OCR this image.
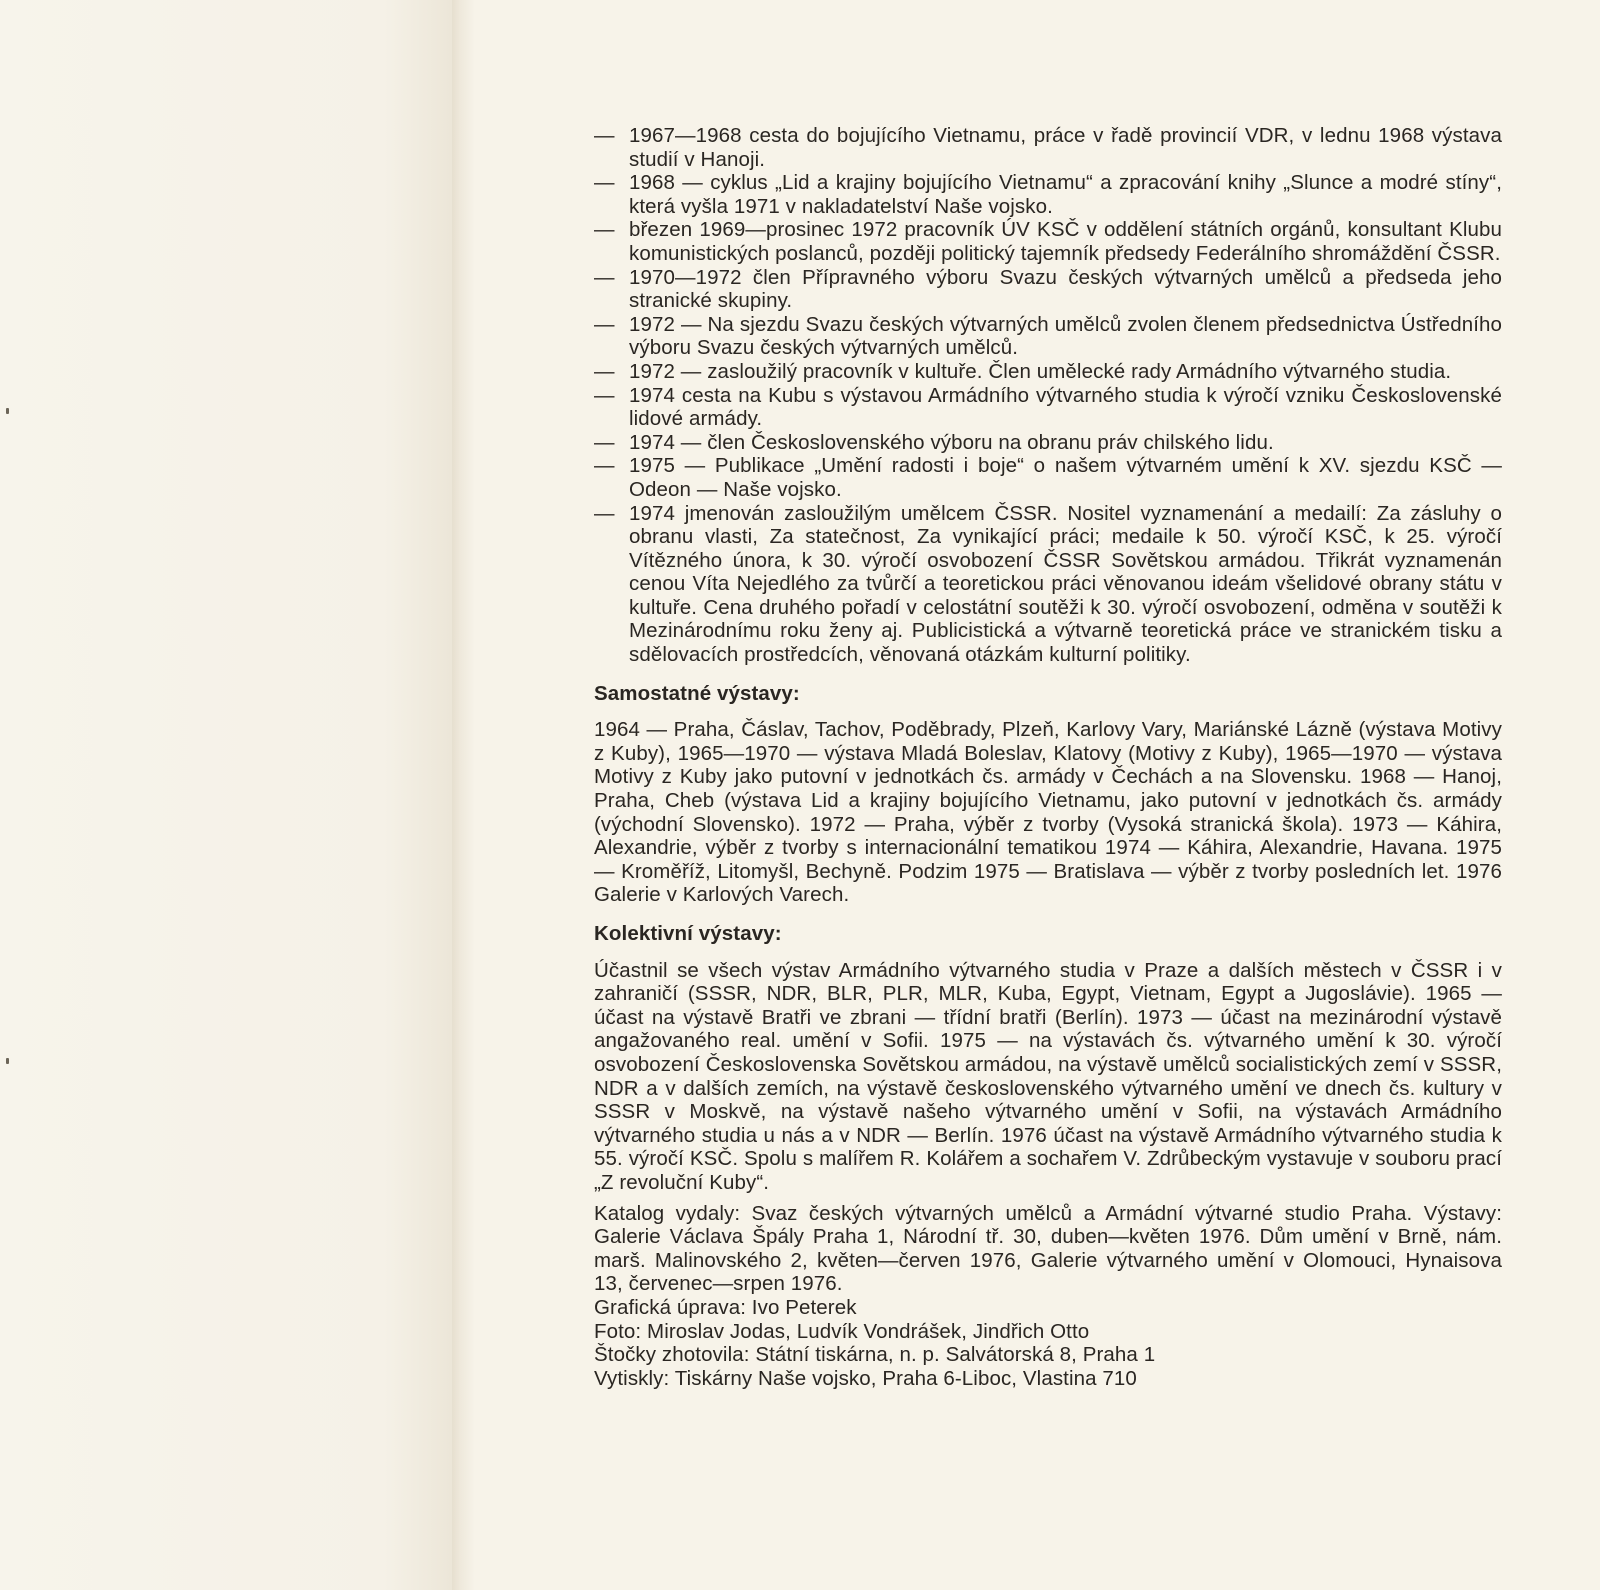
— 1967—1968 cesta do bojujícího Vietnamu, práce v řadě provincií VDR, v lednu 1968 výstava studií v Hanoji.
— 1968 — cyklus „Lid a krajiny bojujícího Vietnamu“ a zpracování knihy „Slunce a modré stíny“, která vyšla 1971 v nakladatelství Naše vojsko.
— březen 1969—prosinec 1972 pracovník ÚV KSČ v oddělení státních orgánů, konsultant Klubu komunistických poslanců, později politický tajemník předsedy Federálního shromáždění ČSSR.
— 1970—1972 člen Přípravného výboru Svazu českých výtvarných umělců a předseda jeho stranické skupiny.
— 1972 — Na sjezdu Svazu českých výtvarných umělců zvolen členem předsednictva Ústředního výboru Svazu českých výtvarných umělců.
— 1972 — zasloužilý pracovník v kultuře. Člen umělecké rady Armádního výtvarného studia.
— 1974 cesta na Kubu s výstavou Armádního výtvarného studia k výročí vzniku Československé lidové armády.
— 1974 — člen Československého výboru na obranu práv chilského lidu.
— 1975 — Publikace „Umění radosti i boje“ o našem výtvarném umění k XV. sjezdu KSČ — Odeon — Naše vojsko.
— 1974 jmenován zasloužilým umělcem ČSSR. Nositel vyznamenání a medailí: Za zásluhy o obranu vlasti, Za statečnost, Za vynikající práci; medaile k 50. výročí KSČ, k 25. výročí Vítězného února, k 30. výročí osvobození ČSSR Sovětskou armádou. Třikrát vyznamenán cenou Víta Nejedlého za tvůrčí a teoretickou práci věnovanou ideám všelidové obrany státu v kultuře. Cena druhého pořadí v celostátní soutěži k 30. výročí osvobození, odměna v soutěži k Mezinárodnímu roku ženy aj. Publicistická a výtvarně teoretická práce ve stranickém tisku a sdělovacích prostředcích, věnovaná otázkám kulturní politiky.
Samostatné výstavy:
1964 — Praha, Čáslav, Tachov, Poděbrady, Plzeň, Karlovy Vary, Mariánské Lázně (výstava Motivy z Kuby), 1965—1970 — výstava Mladá Boleslav, Klatovy (Motivy z Kuby), 1965—1970 — výstava Motivy z Kuby jako putovní v jednotkách čs. armády v Čechách a na Slovensku. 1968 — Hanoj, Praha, Cheb (výstava Lid a krajiny bojujícího Vietnamu, jako putovní v jednotkách čs. armády (východní Slovensko). 1972 — Praha, výběr z tvorby (Vysoká stranická škola). 1973 — Káhira, Alexandrie, výběr z tvorby s internacionální tematikou 1974 — Káhira, Alexandrie, Havana. 1975 — Kroměříž, Litomyšl, Bechyně. Podzim 1975 — Bratislava — výběr z tvorby posledních let. 1976 Galerie v Karlových Varech.
Kolektivní výstavy:
Účastnil se všech výstav Armádního výtvarného studia v Praze a dalších městech v ČSSR i v zahraničí (SSSR, NDR, BLR, PLR, MLR, Kuba, Egypt, Vietnam, Egypt a Jugoslávie). 1965 — účast na výstavě Bratři ve zbrani — třídní bratři (Berlín). 1973 — účast na mezinárodní výstavě angažovaného real. umění v Sofii. 1975 — na výstavách čs. výtvarného umění k 30. výročí osvobození Československa Sovětskou armádou, na výstavě umělců socialistických zemí v SSSR, NDR a v dalších zemích, na výstavě československého výtvarného umění ve dnech čs. kultury v SSSR v Moskvě, na výstavě našeho výtvarného umění v Sofii, na výstavách Armádního výtvarného studia u nás a v NDR — Berlín. 1976 účast na výstavě Armádního výtvarného studia k 55. výročí KSČ. Spolu s malířem R. Kolářem a sochařem V. Zdrůbeckým vystavuje v souboru prací „Z revoluční Kuby“.
Katalog vydaly: Svaz českých výtvarných umělců a Armádní výtvarné studio Praha. Výstavy: Galerie Václava Špály Praha 1, Národní tř. 30, duben—květen 1976. Dům umění v Brně, nám. marš. Malinovského 2, květen—červen 1976, Galerie výtvarného umění v Olomouci, Hynaisova 13, červenec—srpen 1976.
Grafická úprava: Ivo Peterek
Foto: Miroslav Jodas, Ludvík Vondrášek, Jindřich Otto
Štočky zhotovila: Státní tiskárna, n. p. Salvátorská 8, Praha 1
Vytiskly: Tiskárny Naše vojsko, Praha 6-Liboc, Vlastina 710
